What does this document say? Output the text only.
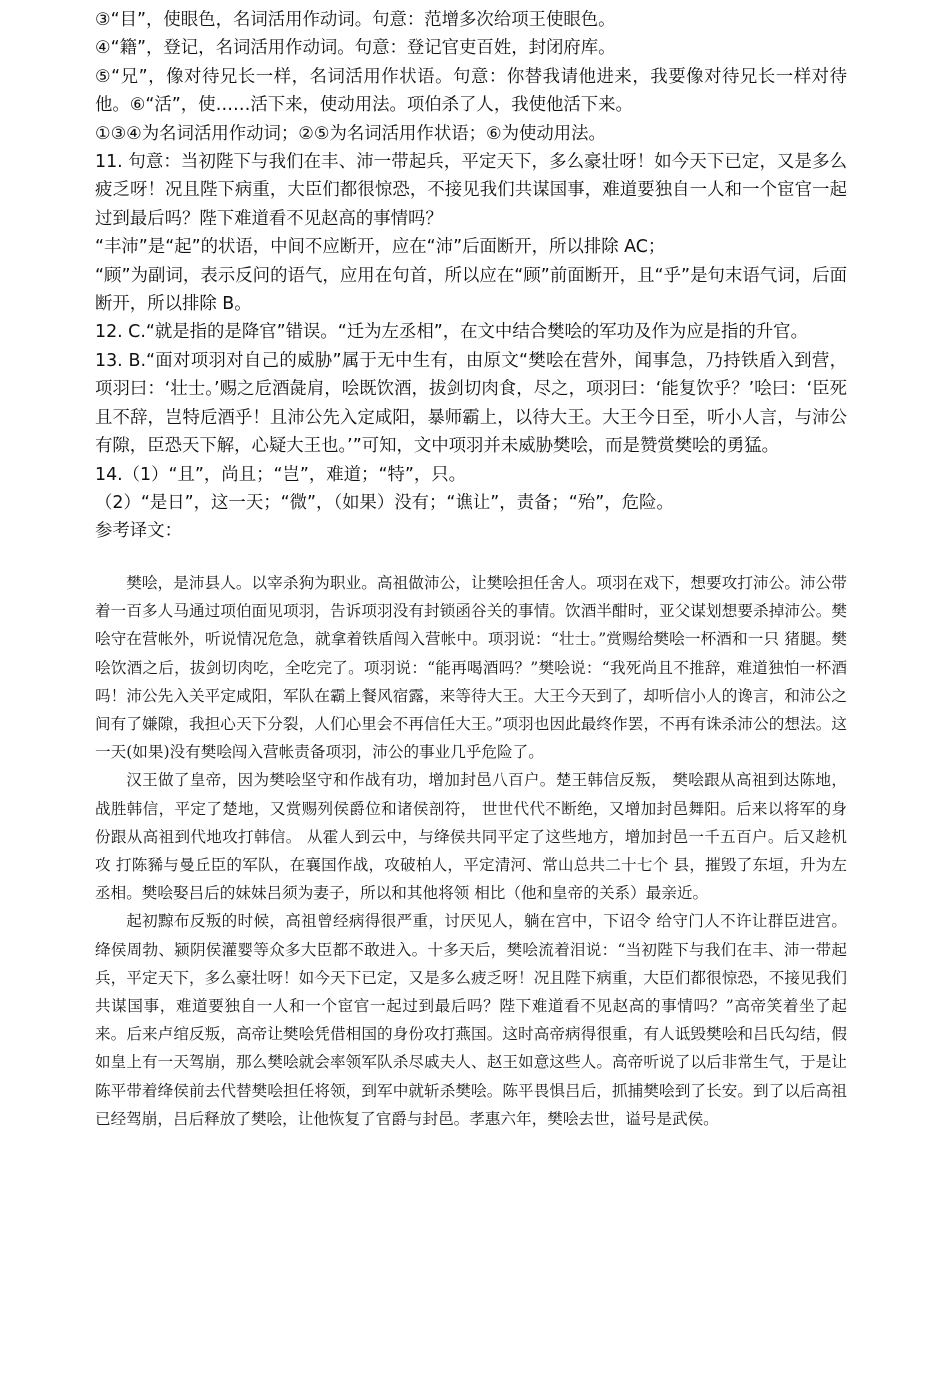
③“目”，使眼色，名词活用作动词。句意：范增多次给项王使眼色。

④“籍”，登记，名词活用作动词。句意：登记官吏百姓，封闭府库。

⑤“兄”，像对待兄长一样，名词活用作状语。句意：你替我请他进来，我要像对待兄长一样对待他。⑥“活”，使……活下来，使动用法。项伯杀了人，我使他活下来。

①③④为名词活用作动词；②⑤为名词活用作状语；⑥为使动用法。

11. 句意：当初陛下与我们在丰、沛一带起兵，平定天下，多么豪壮呀！如今天下已定，又是多么疲乏呀！况且陛下病重，大臣们都很惊恐，不接见我们共谋国事，难道要独自一人和一个宦官一起过到最后吗？陛下难道看不见赵高的事情吗？

“丰沛”是“起”的状语，中间不应断开，应在“沛”后面断开，所以排除 AC；

“顾”为副词，表示反问的语气，应用在句首，所以应在“顾”前面断开，且“乎”是句末语气词，后面断开，所以排除 B。

12. C.“就是指的是降官”错误。“迁为左丞相”，在文中结合樊哙的军功及作为应是指的升官。

13. B.“面对项羽对自己的威胁”属于无中生有，由原文“樊哙在营外，闻事急，乃持铁盾入到营，项羽曰：‘壮士。’赐之卮酒彘肩，哙既饮酒，拔剑切肉食，尽之，项羽曰：‘能复饮乎？’哙曰：‘臣死且不辞，岂特卮酒乎！且沛公先入定咸阳，暴师霸上，以待大王。大王今日至，听小人言，与沛公有隙，臣恐天下解，心疑大王也。’”可知，文中项羽并未威胁樊哙，而是赞赏樊哙的勇猛。

14.（1）“且”，尚且；“岂”，难道；“特”，只。

（2）“是日”，这一天；“微”，（如果）没有；“谯让”，责备；“殆”，危险。

参考译文：

樊哙，是沛县人。以宰杀狗为职业。高祖做沛公，让樊哙担任舍人。项羽在戏下，想要攻打沛公。沛公带着一百多人马通过项伯面见项羽，告诉项羽没有封锁函谷关的事情。饮酒半酣时，亚父谋划想要杀掉沛公。樊哙守在营帐外，听说情况危急，就拿着铁盾闯入营帐中。项羽说：“壮士。”赏赐给樊哙一杯酒和一只 猪腿。樊哙饮酒之后，拔剑切肉吃，全吃完了。项羽说：“能再喝酒吗？”樊哙说：“我死尚且不推辞，难道独怕一杯酒吗！沛公先入关平定咸阳，军队在霸上餐风宿露，来等待大王。大王今天到了，却听信小人的谗言，和沛公之间有了嫌隙，我担心天下分裂，人们心里会不再信任大王。”项羽也因此最终作罢，不再有诛杀沛公的想法。这一天(如果)没有樊哙闯入营帐责备项羽，沛公的事业几乎危险了。

汉王做了皇帝，因为樊哙坚守和作战有功，增加封邑八百户。楚王韩信反叛， 樊哙跟从高祖到达陈地，战胜韩信，平定了楚地，又赏赐列侯爵位和诸侯剖符， 世世代代不断绝，又增加封邑舞阳。后来以将军的身份跟从高祖到代地攻打韩信。 从霍人到云中，与绛侯共同平定了这些地方，增加封邑一千五百户。后又趁机攻 打陈豨与曼丘臣的军队，在襄国作战，攻破柏人，平定清河、常山总共二十七个 县，摧毁了东垣，升为左丞相。樊哙娶吕后的妹妹吕须为妻子，所以和其他将领 相比（他和皇帝的关系）最亲近。

起初黥布反叛的时候，高祖曾经病得很严重，讨厌见人，躺在宫中，下诏令 给守门人不许让群臣进宫。绛侯周勃、颍阴侯灌婴等众多大臣都不敢进入。十多天后，樊哙流着泪说：“当初陛下与我们在丰、沛一带起兵，平定天下，多么豪壮呀！如今天下已定，又是多么疲乏呀！况且陛下病重，大臣们都很惊恐，不接见我们共谋国事，难道要独自一人和一个宦官一起过到最后吗？陛下难道看不见赵高的事情吗？”高帝笑着坐了起来。后来卢绾反叛，高帝让樊哙凭借相国的身份攻打燕国。这时高帝病得很重，有人诋毁樊哙和吕氏勾结，假如皇上有一天驾崩，那么樊哙就会率领军队杀尽戚夫人、赵王如意这些人。高帝听说了以后非常生气，于是让陈平带着绛侯前去代替樊哙担任将领，到军中就斩杀樊哙。陈平畏惧吕后，抓捕樊哙到了长安。到了以后高祖已经驾崩，吕后释放了樊哙，让他恢复了官爵与封邑。孝惠六年，樊哙去世，谥号是武侯。
